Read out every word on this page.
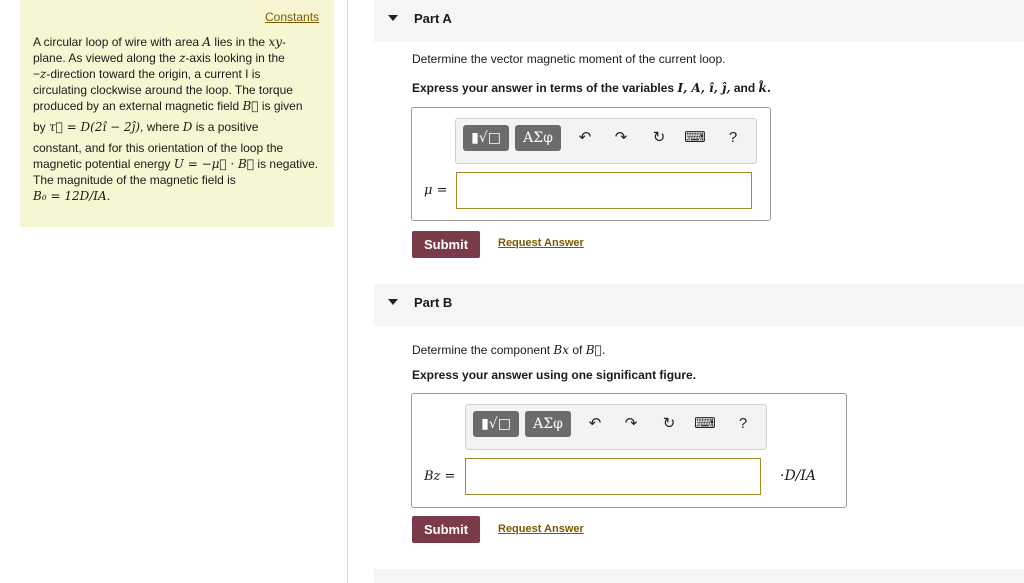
Constants
A circular loop of wire with area A lies in the xy-
plane. As viewed along the z-axis looking in the
−z-direction toward the origin, a current I is
circulating clockwise around the loop. The torque
produced by an external magnetic field B⃗ is given
by τ⃗ = D(2î − 2ĵ), where D is a positive
constant, and for this orientation of the loop the
magnetic potential energy U = −μ⃗ · B⃗ is negative.
The magnitude of the magnetic field is
B₀ = 12D/IA.
Part A
Determine the vector magnetic moment of the current loop.
Express your answer in terms of the variables I, A, î, ĵ, and k̂.
▮√□	ΑΣφ	↶	↷	↻	⌨	?
μ =
Submit	Request Answer
Part B
Determine the component Bx of B⃗.
Express your answer using one significant figure.
▮√□	ΑΣφ	↶	↷	↻	⌨	?
Bz =	·D/IA
Submit	Request Answer
